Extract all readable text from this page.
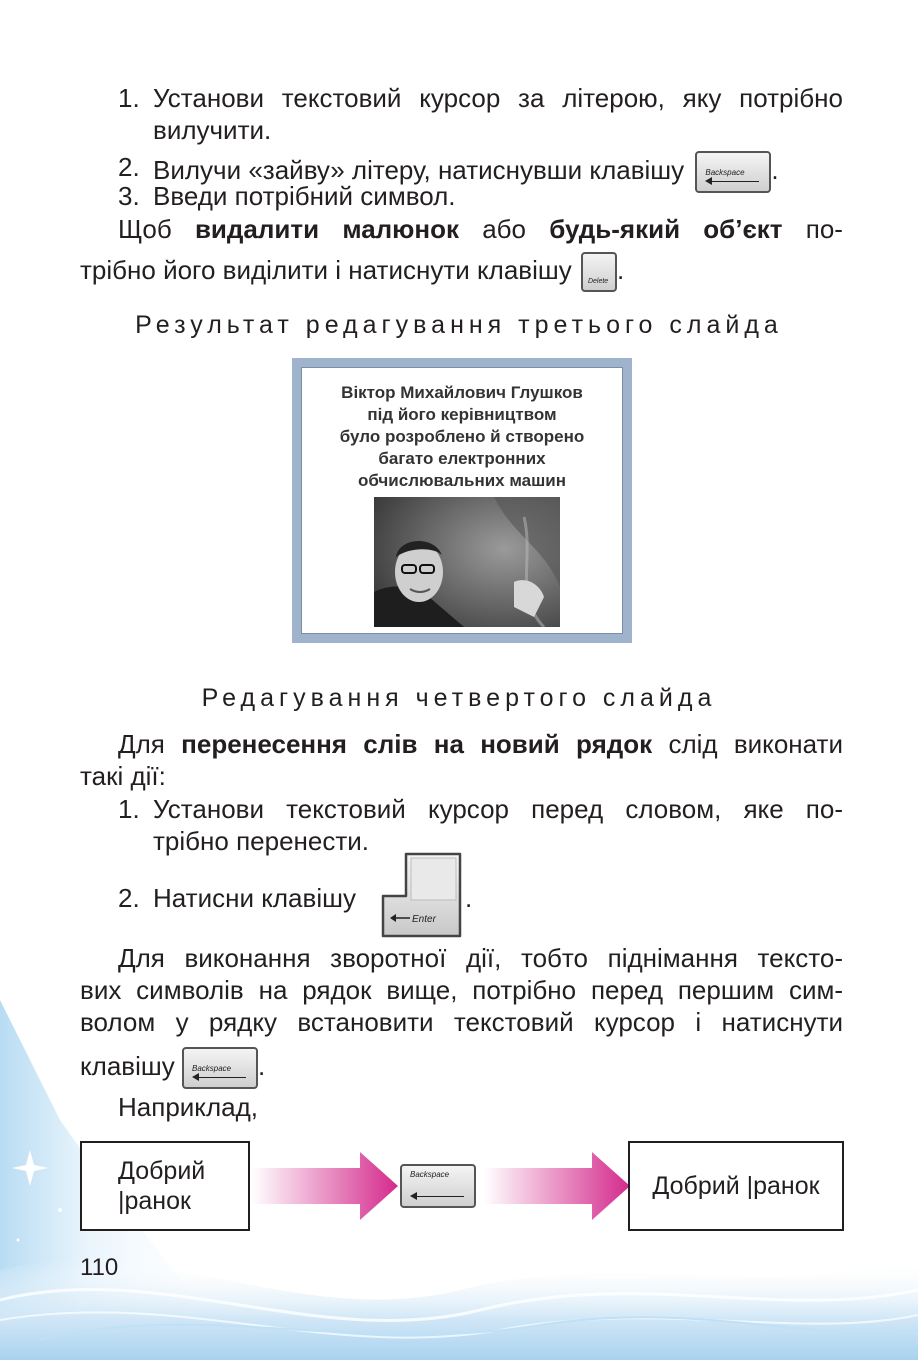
1. Установи текстовий курсор за літерою, яку потрібно
вилучити.
2. Вилучи «зайву» літеру, натиснувши клавішу	Backspace .
3. Введи потрібний символ.
Щоб видалити малюнок або будь-який об’єкт по-
трібно його виділити і натиснути клавішу Delete .
Результат редагування третього слайда
Віктор Михайлович Глушков
під його керівництвом
було розроблено й створено
багато електронних
обчислювальних машин
Редагування четвертого слайда
Для перенесення слів на новий рядок слід виконати
такі дії:
1. Установи текстовий курсор перед словом, яке по-
трібно перенести.
2. Натисни клавішу
Enter
.
Для виконання зворотної дії, тобто піднімання тексто-
вих символів на рядок вище, потрібно перед першим сим-
волом у рядку встановити текстовий курсор і натиснути
клавішу Backspace .
Наприклад,
Добрий
|ранок
Backspace	Добрий |ранок
110
